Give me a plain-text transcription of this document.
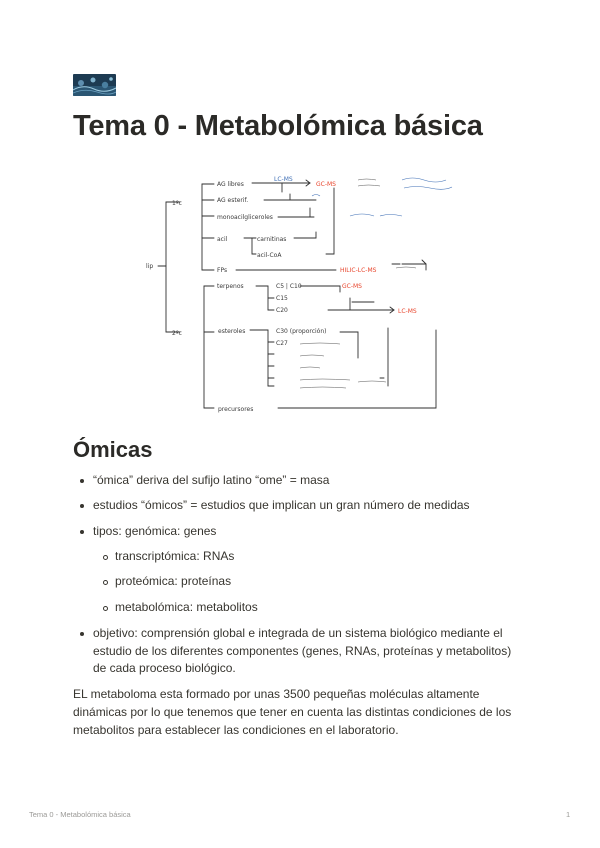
Tema 0 - Metabolómica básica
lip
1ºc
2ºc
AG libres
AG esterif.
monoacilgliceroles
acil	carnitinas
acil-CoA
FPs
terpenos
esteroles
precursores
C5 | C10
C15
C20
C30 (proporción)
C27
GC-MS
HILIC-LC-MS
GC-MS
LC-MS
LC-MS
Ómicas
“ómica” deriva del sufijo latino “ome” = masa
estudios “ómicos” = estudios que implican un gran número de medidas
tipos: genómica: genes
transcriptómica: RNAs
proteómica: proteínas
metabolómica: metabolitos
objetivo: comprensión global e integrada de un sistema biológico mediante el estudio de los diferentes componentes (genes, RNAs, proteínas y metabolitos) de cada proceso biológico.

EL metaboloma esta formado por unas 3500 pequeñas moléculas altamente dinámicas por lo que tenemos que tener en cuenta las distintas condiciones de los metabolitos para establecer las condiciones en el laboratorio.

Tema 0 - Metabolómica básica	1
